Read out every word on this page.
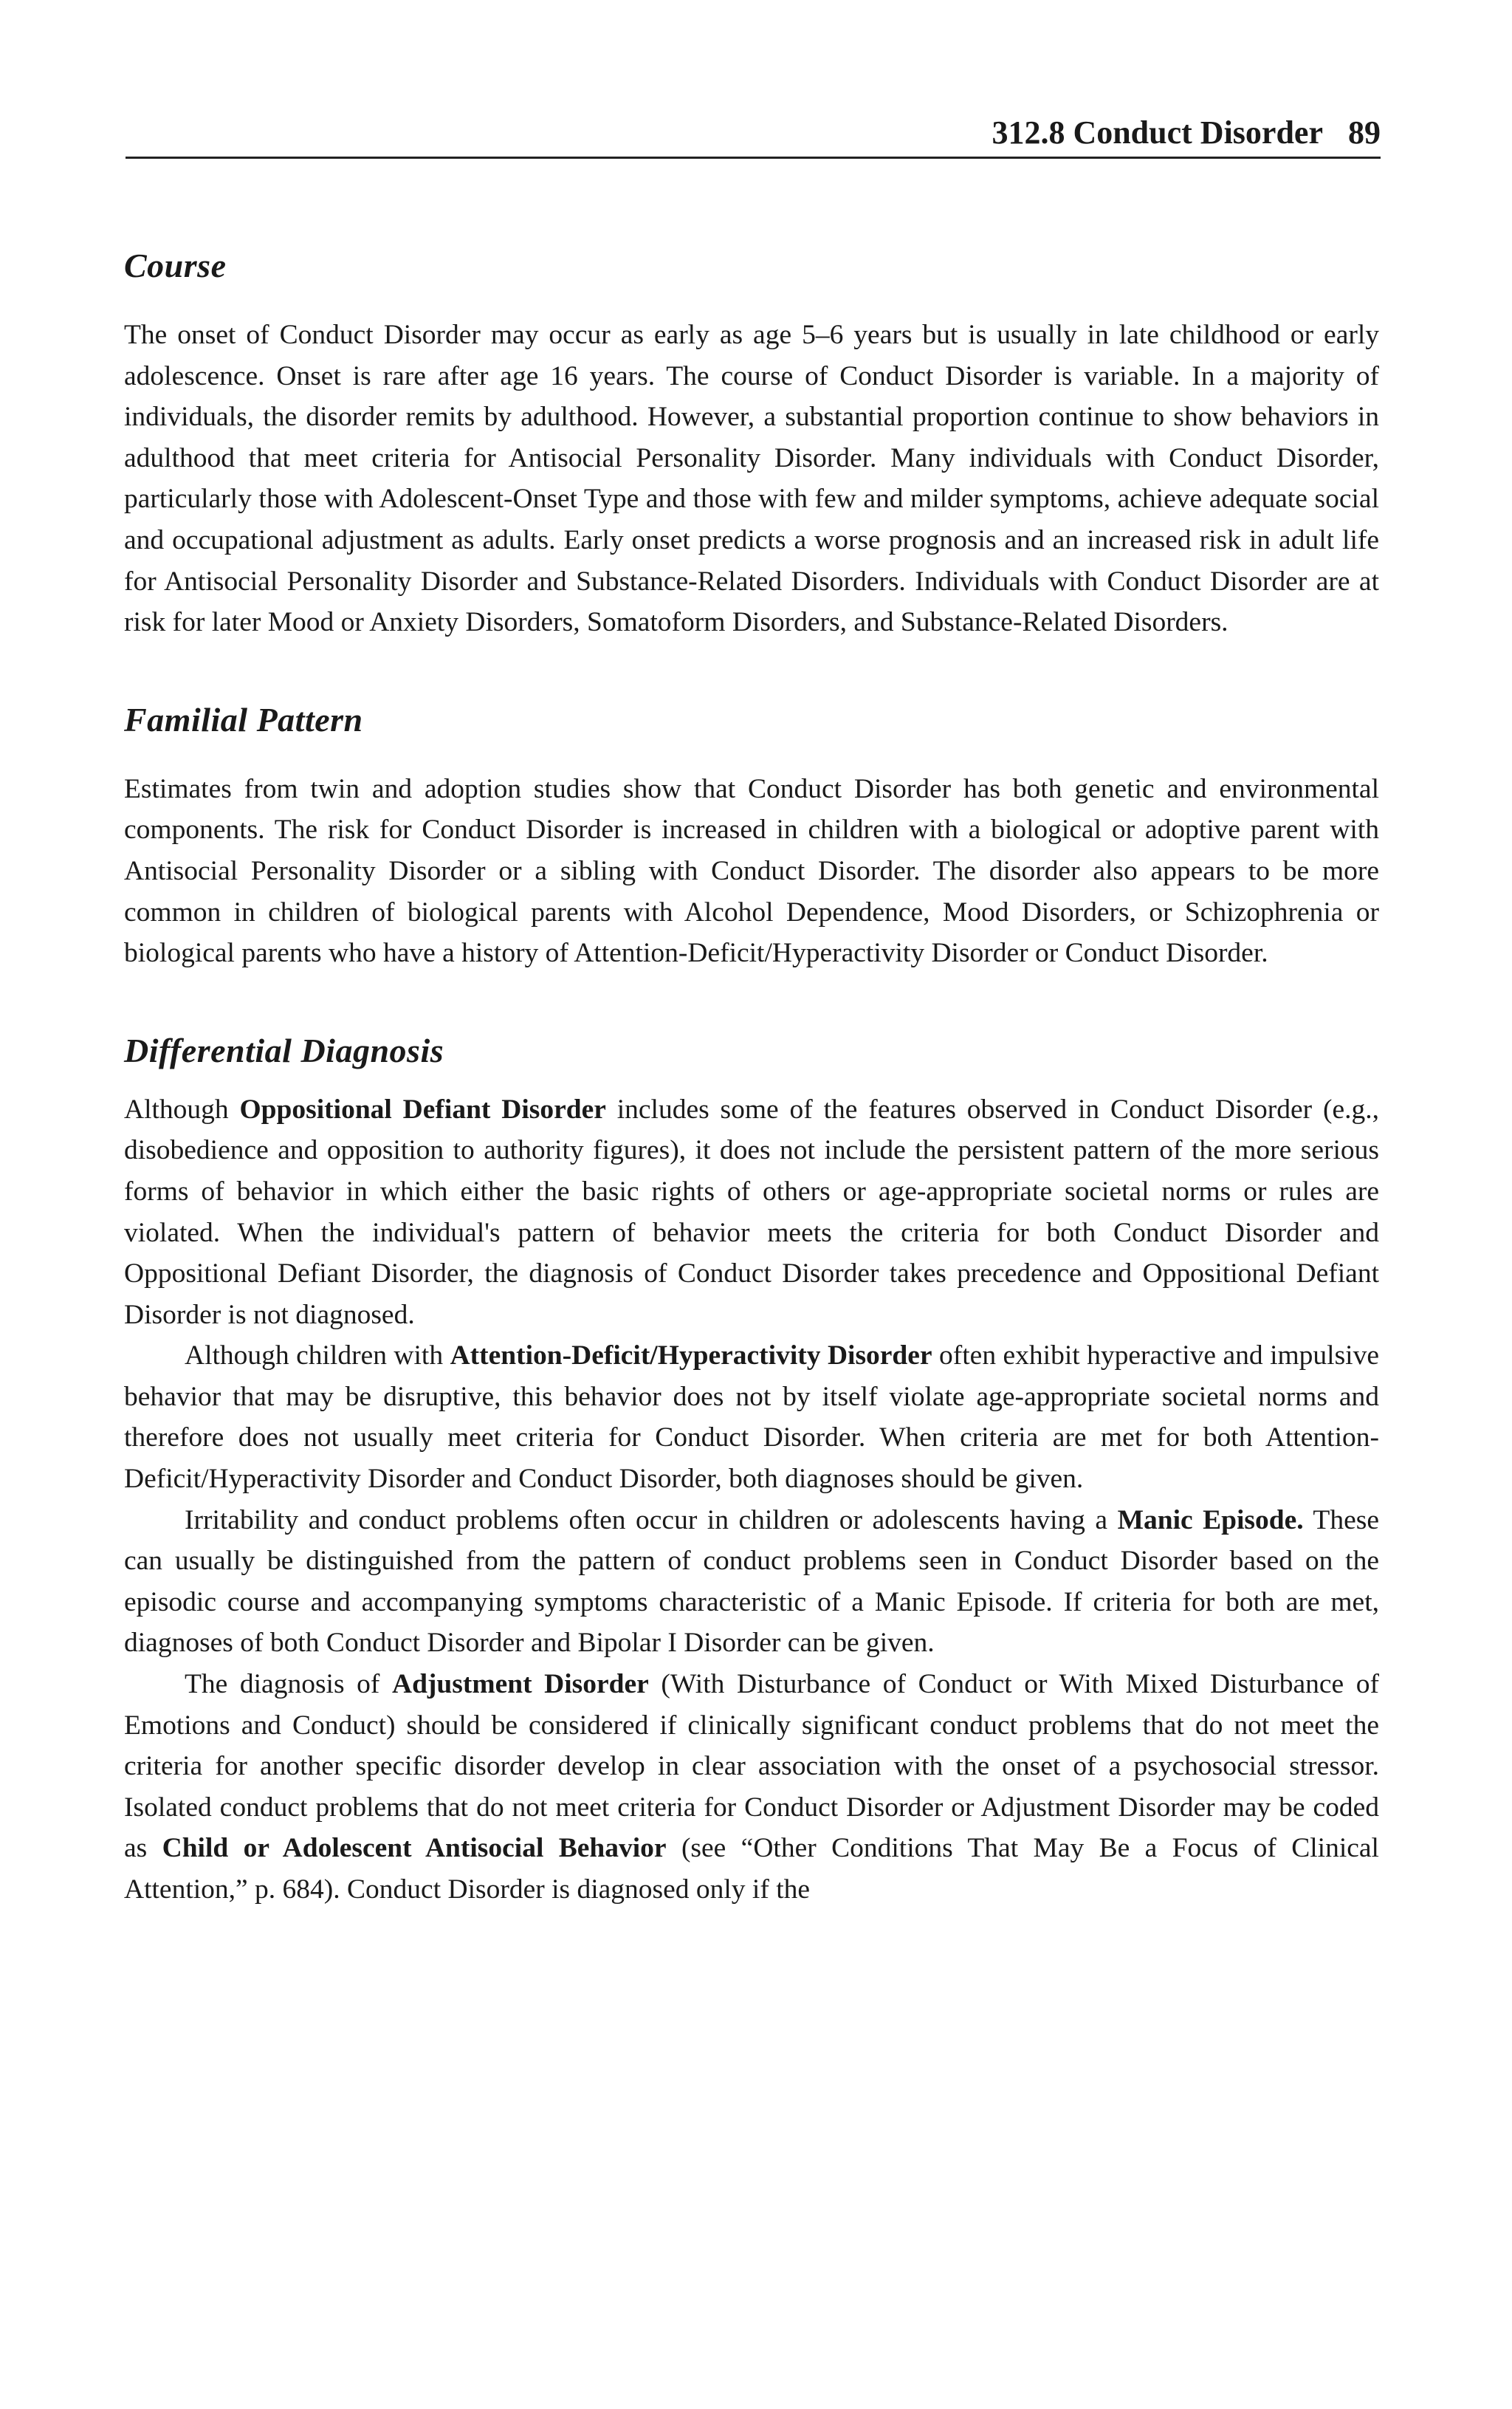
312.8 Conduct Disorder 89
Course

The onset of Conduct Disorder may occur as early as age 5–6 years but is usually in late childhood or early adolescence. Onset is rare after age 16 years. The course of Conduct Disorder is variable. In a majority of individuals, the disorder remits by adulthood. However, a substantial proportion continue to show behaviors in adulthood that meet criteria for Antisocial Personality Disorder. Many individuals with Conduct Disorder, particularly those with Adolescent-Onset Type and those with few and milder symptoms, achieve adequate social and occupational adjustment as adults. Early onset predicts a worse prognosis and an increased risk in adult life for Antisocial Personality Disorder and Substance-Related Disorders. Individuals with Conduct Disorder are at risk for later Mood or Anxiety Disorders, Somatoform Disorders, and Substance-Related Disorders.

Familial Pattern

Estimates from twin and adoption studies show that Conduct Disorder has both genetic and environmental components. The risk for Conduct Disorder is increased in children with a biological or adoptive parent with Antisocial Personality Disorder or a sibling with Conduct Disorder. The disorder also appears to be more common in children of biological parents with Alcohol Dependence, Mood Disorders, or Schizophrenia or biological parents who have a history of Attention-Deficit/Hyperactivity Disorder or Conduct Disorder.

Differential Diagnosis

Although Oppositional Defiant Disorder includes some of the features observed in Conduct Disorder (e.g., disobedience and opposition to authority figures), it does not include the persistent pattern of the more serious forms of behavior in which either the basic rights of others or age-appropriate societal norms or rules are violated. When the individual's pattern of behavior meets the criteria for both Conduct Disorder and Oppositional Defiant Disorder, the diagnosis of Conduct Disorder takes precedence and Oppositional Defiant Disorder is not diagnosed.

Although children with Attention-Deficit/Hyperactivity Disorder often exhibit hyperactive and impulsive behavior that may be disruptive, this behavior does not by itself violate age-appropriate societal norms and therefore does not usually meet criteria for Conduct Disorder. When criteria are met for both Attention-Deficit/Hyperactivity Disorder and Conduct Disorder, both diagnoses should be given.

Irritability and conduct problems often occur in children or adolescents having a Manic Episode. These can usually be distinguished from the pattern of conduct problems seen in Conduct Disorder based on the episodic course and accompanying symptoms characteristic of a Manic Episode. If criteria for both are met, diagnoses of both Conduct Disorder and Bipolar I Disorder can be given.

The diagnosis of Adjustment Disorder (With Disturbance of Conduct or With Mixed Disturbance of Emotions and Conduct) should be considered if clinically significant conduct problems that do not meet the criteria for another specific disorder develop in clear association with the onset of a psychosocial stressor. Isolated conduct problems that do not meet criteria for Conduct Disorder or Adjustment Disorder may be coded as Child or Adolescent Antisocial Behavior (see “Other Conditions That May Be a Focus of Clinical Attention,” p. 684). Conduct Disorder is diagnosed only if the
